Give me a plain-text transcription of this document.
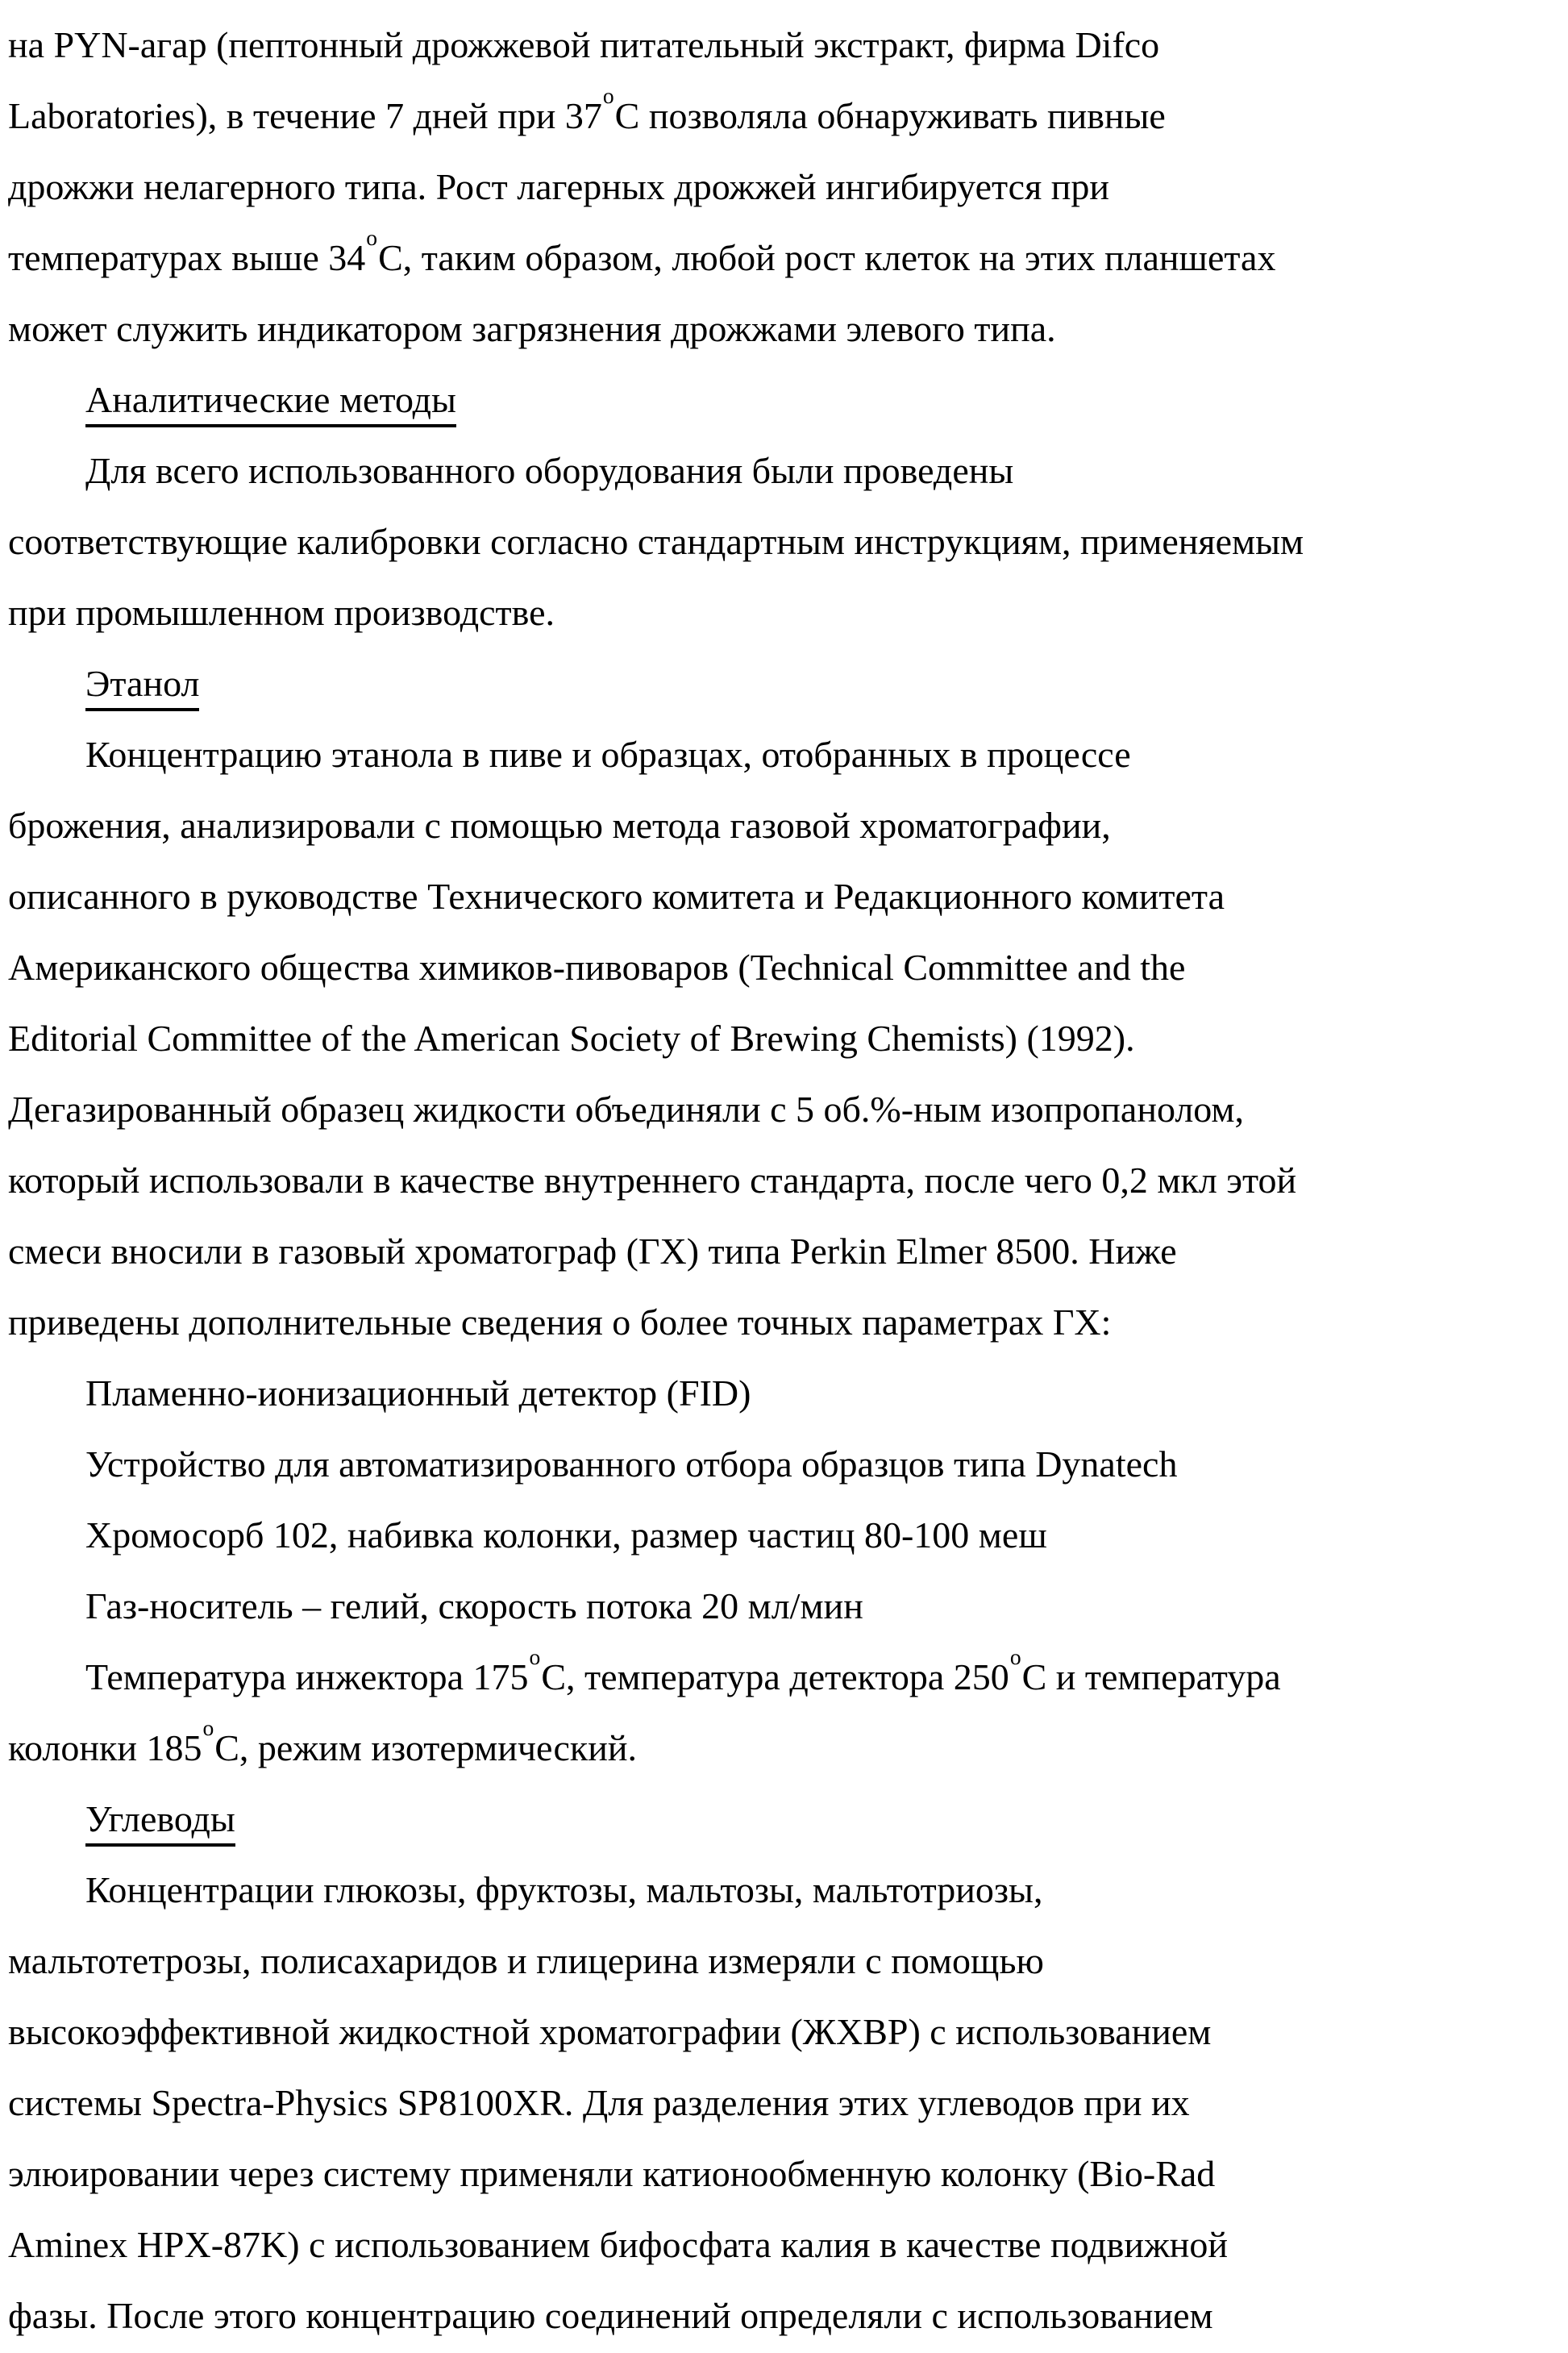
на PYN-агар (пептонный дрожжевой питательный экстракт, фирма Difco
Laboratories), в течение 7 дней при $37^оС$ позволяла обнаруживать пивные
дрожжи нелагерного типа. Рост лагерных дрожжей ингибируется при
температурах выше $34^оС$, таким образом, любой рост клеток на этих планшетах
может служить индикатором загрязнения дрожжами элевого типа.
Аналитические методы
Для всего использованного оборудования были проведены
соответствующие калибровки согласно стандартным инструкциям, применяемым
при промышленном производстве.
Этанол
Концентрацию этанола в пиве и образцах, отобранных в процессе
брожения, анализировали с помощью метода газовой хроматографии,
описанного в руководстве Технического комитета и Редакционного комитета
Американского общества химиков-пивоваров (Technical Committee and the
Editorial Committee of the American Society of Brewing Chemists) (1992).
Дегазированный образец жидкости объединяли с 5 об.%-ным изопропанолом,
который использовали в качестве внутреннего стандарта, после чего 0,2 мкл этой
смеси вносили в газовый хроматограф (ГХ) типа Perkin Elmer 8500. Ниже
приведены дополнительные сведения о более точных параметрах ГХ:
Пламенно-ионизационный детектор (FID)
Устройство для автоматизированного отбора образцов типа Dynatech
Хромосорб 102, набивка колонки, размер частиц 80-100 меш
Газ-носитель – гелий, скорость потока 20 мл/мин
Температура инжектора $175^оС$, температура детектора $250^оС$ и температура
колонки $185^оС$, режим изотермический.
Углеводы
Концентрации глюкозы, фруктозы, мальтозы, мальтотриозы,
мальтотетрозы, полисахаридов и глицерина измеряли с помощью
высокоэффективной жидкостной хроматографии (ЖХВР) с использованием
системы Spectra-Physics SP8100XR. Для разделения этих углеводов при их
элюировании через систему применяли катионообменную колонку (Bio-Rad
Aminex HPX-87K) с использованием бифосфата калия в качестве подвижной
фазы. После этого концентрацию соединений определяли с использованием
